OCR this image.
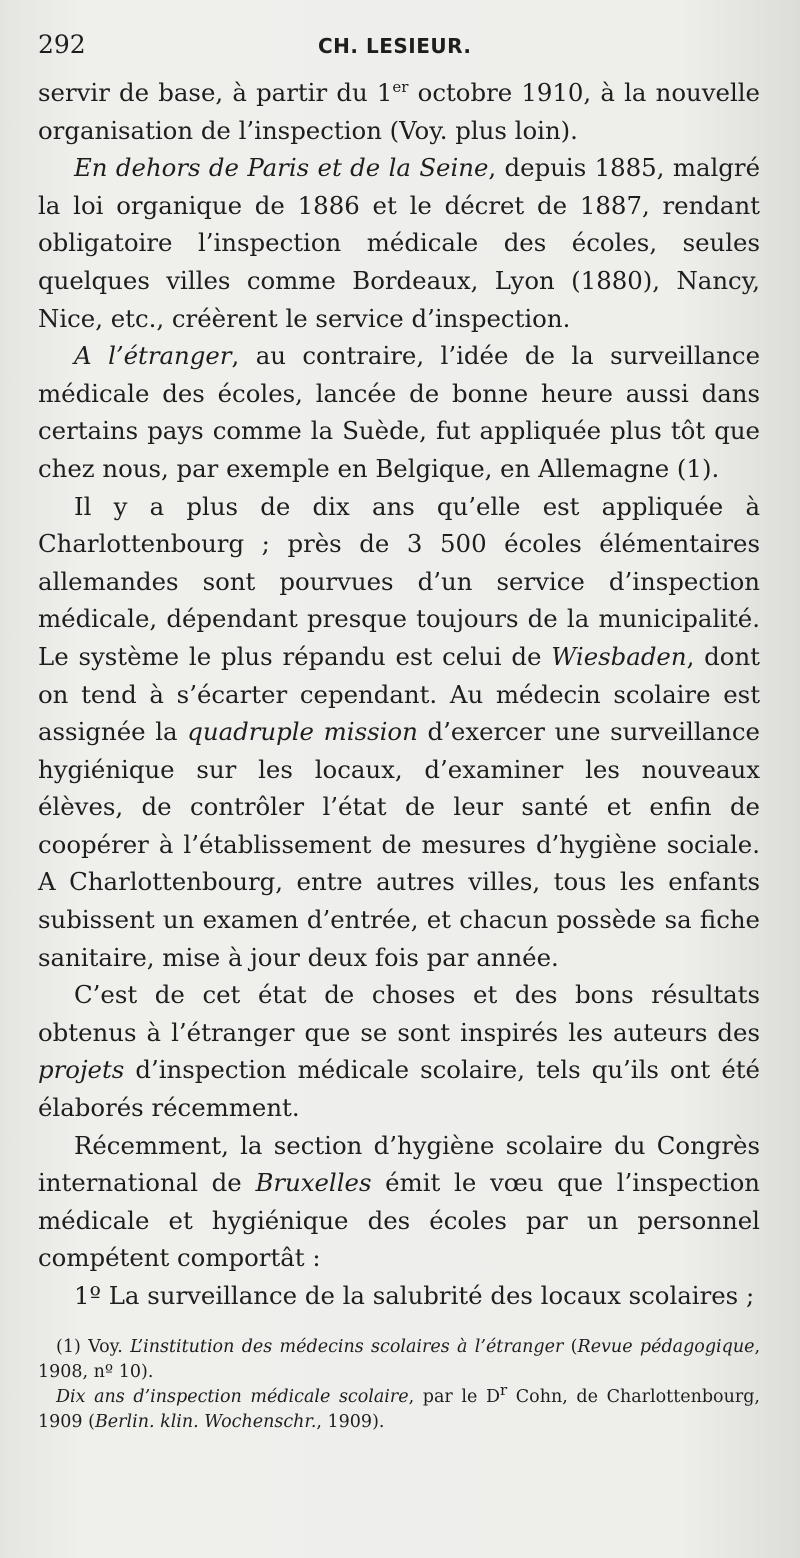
292	CH. LESIEUR.

servir de base, à partir du 1er octobre 1910, à la nouvelle organisation de l’inspection (Voy. plus loin).

En dehors de Paris et de la Seine, depuis 1885, malgré la loi organique de 1886 et le décret de 1887, rendant obligatoire l’inspection médicale des écoles, seules quelques villes comme Bordeaux, Lyon (1880), Nancy, Nice, etc., créèrent le service d’inspection.

A l’étranger, au contraire, l’idée de la surveillance médicale des écoles, lancée de bonne heure aussi dans certains pays comme la Suède, fut appliquée plus tôt que chez nous, par exemple en Belgique, en Allemagne (1).

Il y a plus de dix ans qu’elle est appliquée à Charlottenbourg ; près de 3 500 écoles élémentaires allemandes sont pourvues d’un service d’inspection médicale, dépendant presque toujours de la municipalité. Le système le plus répandu est celui de Wiesbaden, dont on tend à s’écarter cependant. Au médecin scolaire est assignée la quadruple mission d’exercer une surveillance hygiénique sur les locaux, d’examiner les nouveaux élèves, de contrôler l’état de leur santé et enfin de coopérer à l’établissement de mesures d’hygiène sociale. A Charlottenbourg, entre autres villes, tous les enfants subissent un examen d’entrée, et chacun possède sa fiche sanitaire, mise à jour deux fois par année.

C’est de cet état de choses et des bons résultats obtenus à l’étranger que se sont inspirés les auteurs des projets d’inspection médicale scolaire, tels qu’ils ont été élaborés récemment.

Récemment, la section d’hygiène scolaire du Congrès international de Bruxelles émit le vœu que l’inspection médicale et hygiénique des écoles par un personnel compétent comportât :

1º La surveillance de la salubrité des locaux scolaires ;

(1) Voy. L’institution des médecins scolaires à l’étranger (Revue pédagogique, 1908, nº 10).

Dix ans d’inspection médicale scolaire, par le $D^r$ Cohn, de Charlottenbourg, 1909 (Berlin. klin. Wochenschr., 1909).
